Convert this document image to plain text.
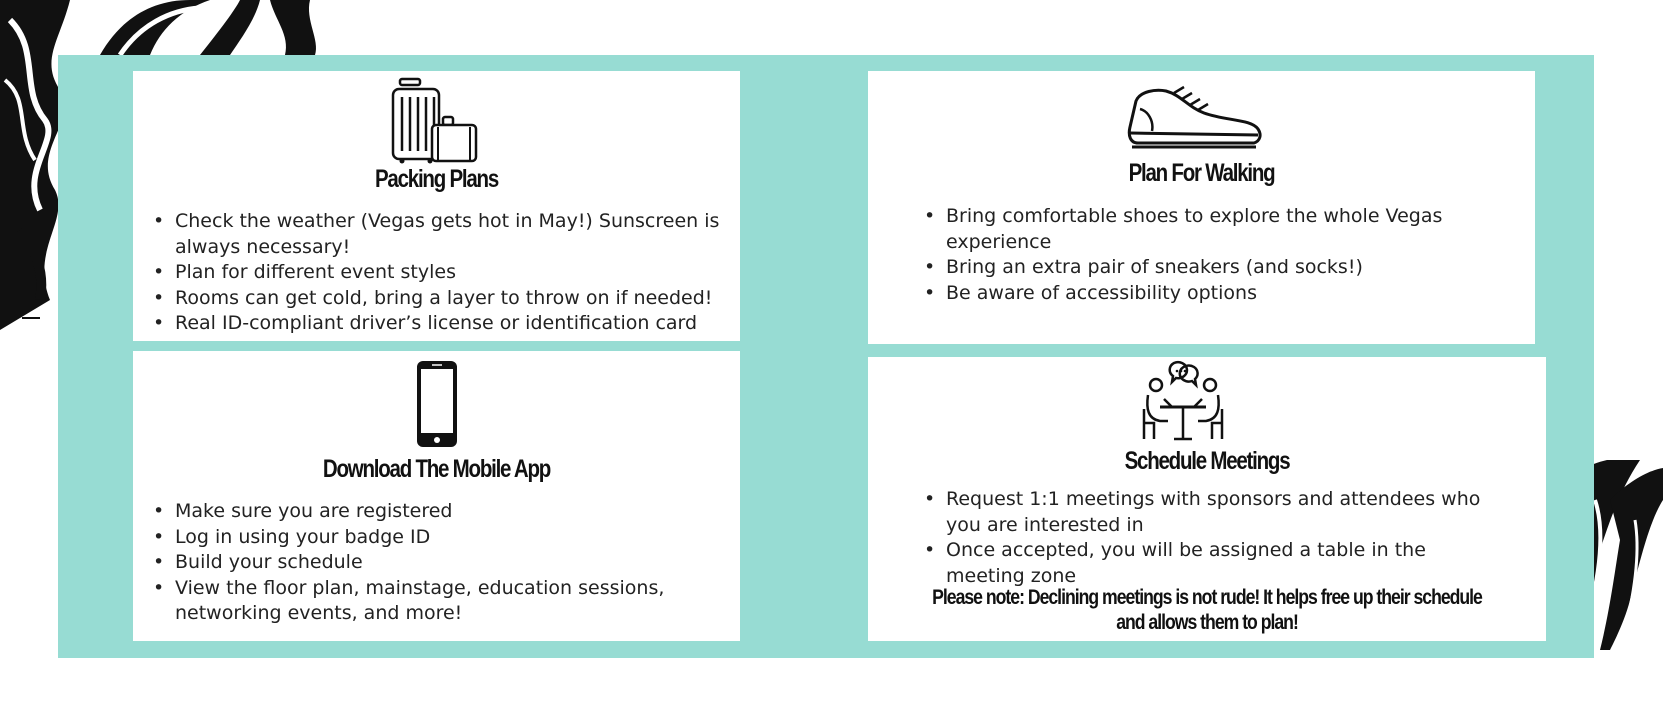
Packing Plans
• Check the weather (Vegas gets hot in May!) Sunscreen is always necessary!
• Plan for different event styles
• Rooms can get cold, bring a layer to throw on if needed!
• Real ID-compliant driver’s license or identification card
Plan For Walking
• Bring comfortable shoes to explore the whole Vegas experience
• Bring an extra pair of sneakers (and socks!)
• Be aware of accessibility options
Download The Mobile App
• Make sure you are registered
• Log in using your badge ID
• Build your schedule
• View the floor plan, mainstage, education sessions, networking events, and more!
Schedule Meetings
• Request 1:1 meetings with sponsors and attendees who you are interested in
• Once accepted, you will be assigned a table in the meeting zone

Please note: Declining meetings is not rude! It helps free up their schedule and allows them to plan!
